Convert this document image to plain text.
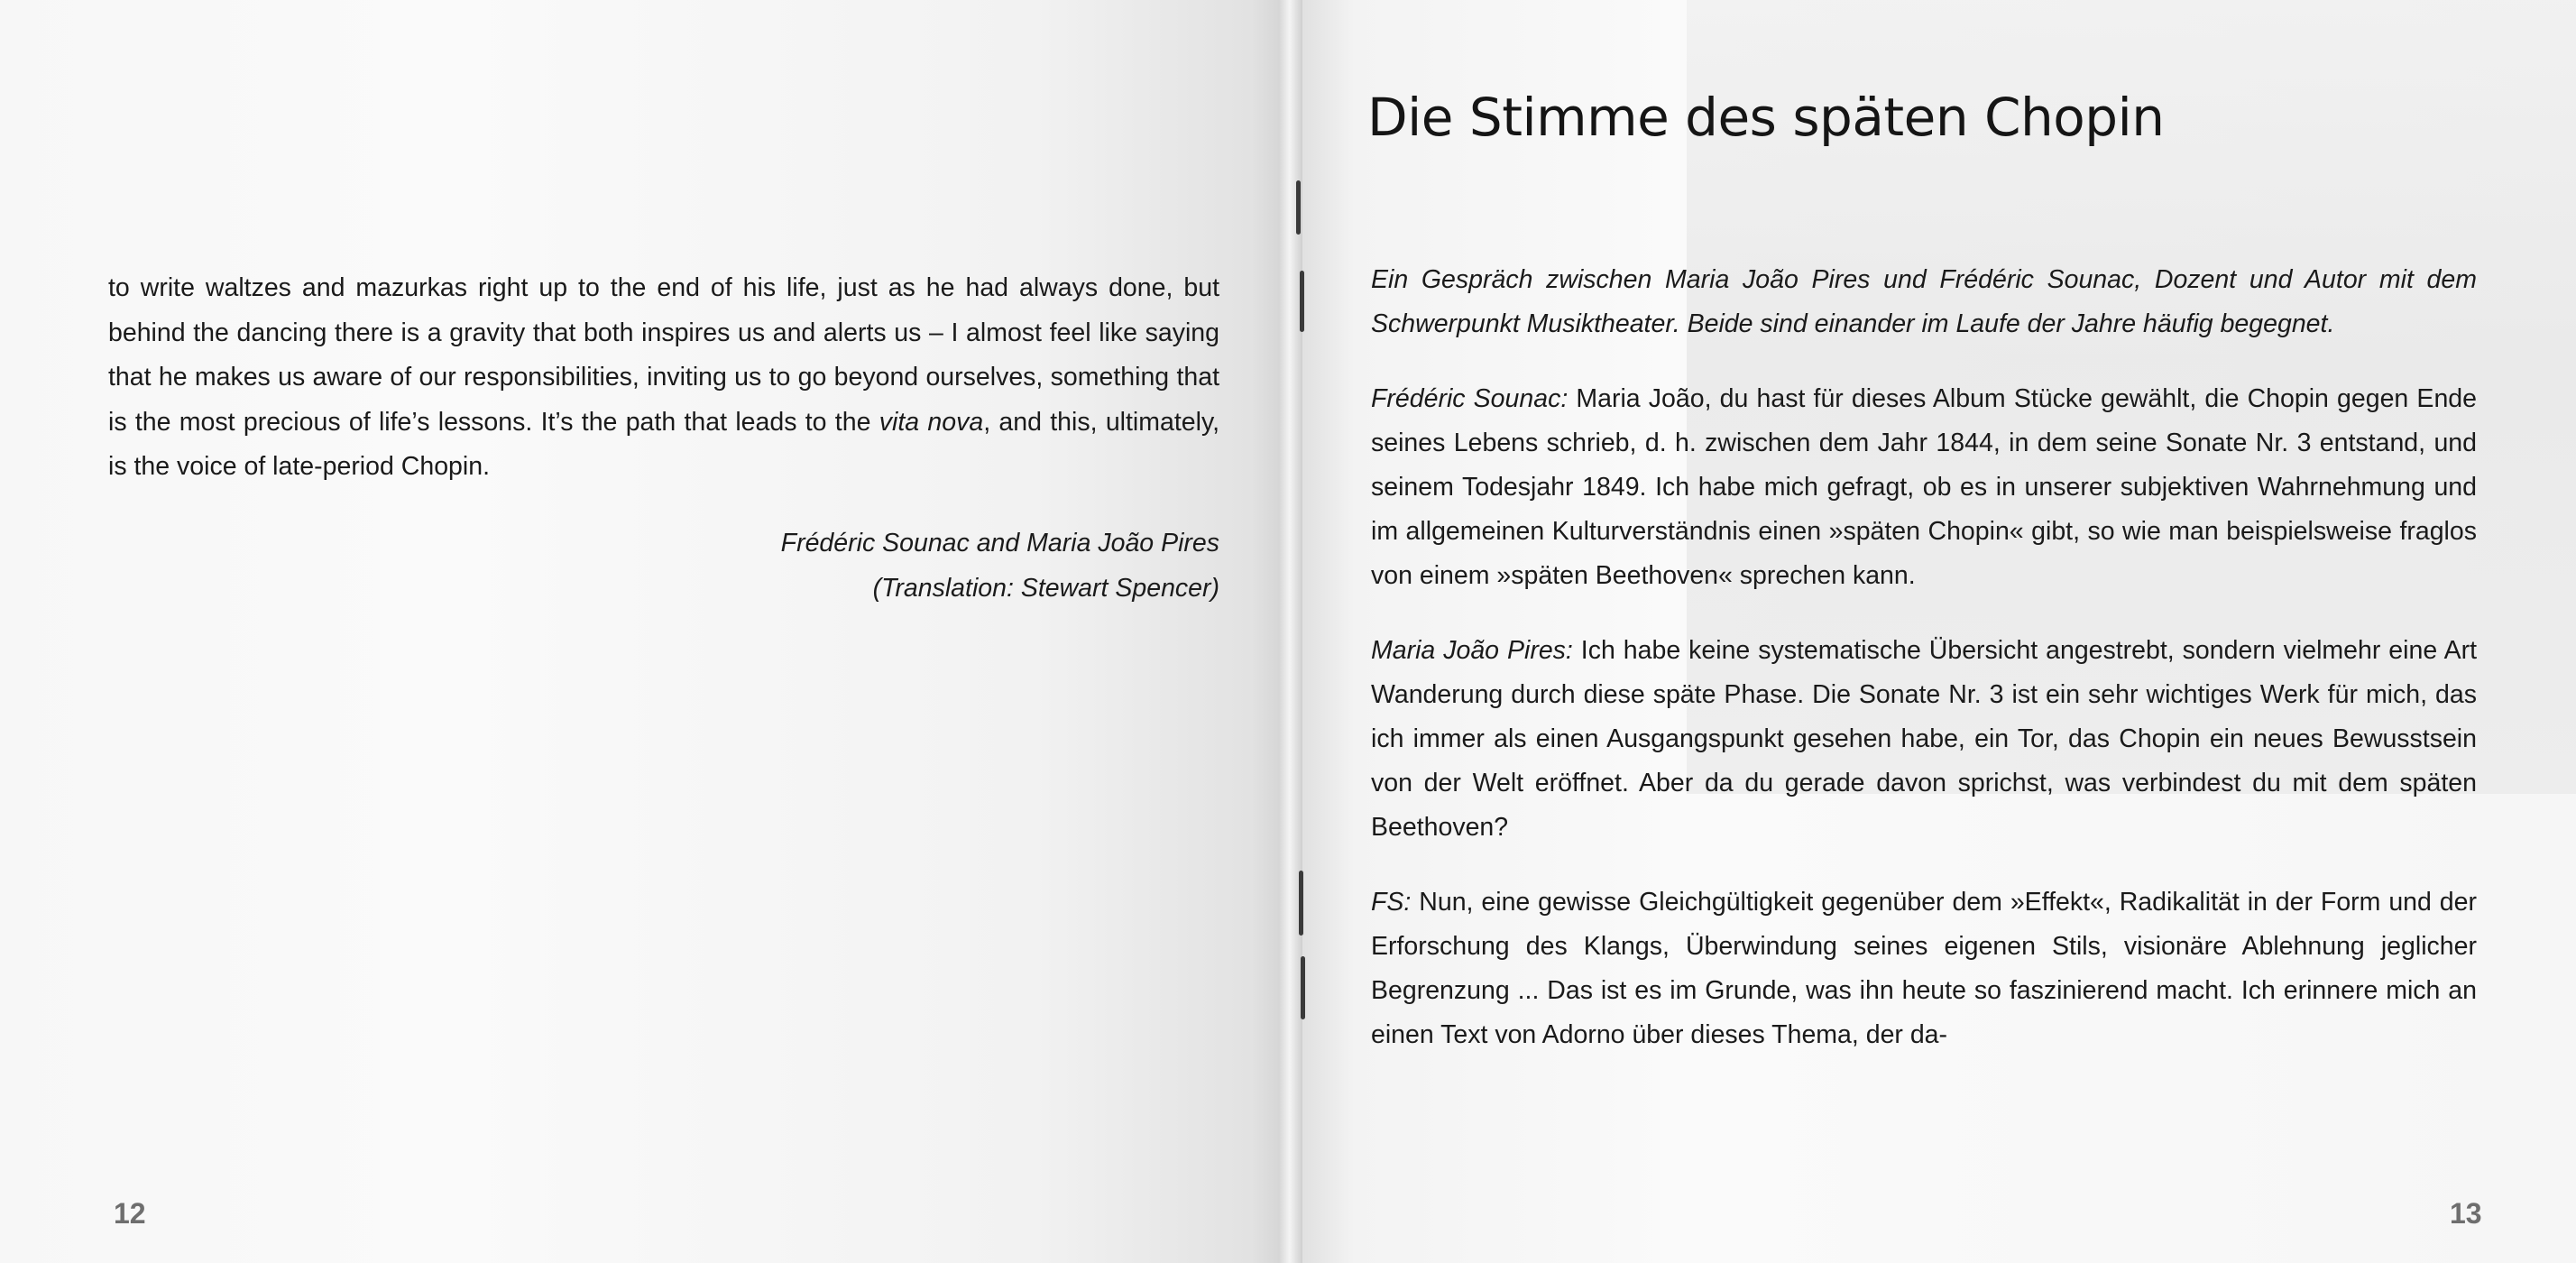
to write waltzes and mazurkas right up to the end of his life, just as he had always done, but behind the dancing there is a gravity that both inspires us and alerts us – I almost feel like saying that he makes us aware of our responsibilities, inviting us to go beyond ourselves, something that is the most precious of life’s lessons. It’s the path that leads to the vita nova, and this, ultimately, is the voice of late-period Chopin.

Frédéric Sounac and Maria João Pires
(Translation: Stewart Spencer)
12
Die Stimme des späten Chopin

Ein Gespräch zwischen Maria João Pires und Frédéric Sounac, Dozent und Autor mit dem Schwerpunkt Musiktheater. Beide sind einander im Laufe der Jahre häufig begegnet.

Frédéric Sounac: Maria João, du hast für dieses Album Stücke gewählt, die Chopin gegen Ende seines Lebens schrieb, d. h. zwischen dem Jahr 1844, in dem seine Sonate Nr. 3 entstand, und seinem Todesjahr 1849. Ich habe mich gefragt, ob es in unserer subjektiven Wahrnehmung und im allgemeinen Kulturverständnis einen »späten Chopin« gibt, so wie man beispielsweise fraglos von einem »späten Beethoven« sprechen kann.

Maria João Pires: Ich habe keine systematische Übersicht angestrebt, sondern vielmehr eine Art Wanderung durch diese späte Phase. Die Sonate Nr. 3 ist ein sehr wichtiges Werk für mich, das ich immer als einen Ausgangspunkt gesehen habe, ein Tor, das Chopin ein neues Bewusstsein von der Welt eröffnet. Aber da du gerade davon sprichst, was verbindest du mit dem späten Beethoven?

FS: Nun, eine gewisse Gleichgültigkeit gegenüber dem »Effekt«, Radikalität in der Form und der Erforschung des Klangs, Überwindung seines eigenen Stils, visionäre Ablehnung jeglicher Begrenzung ... Das ist es im Grunde, was ihn heute so faszinierend macht. Ich erinnere mich an einen Text von Adorno über dieses Thema, der da-

13
